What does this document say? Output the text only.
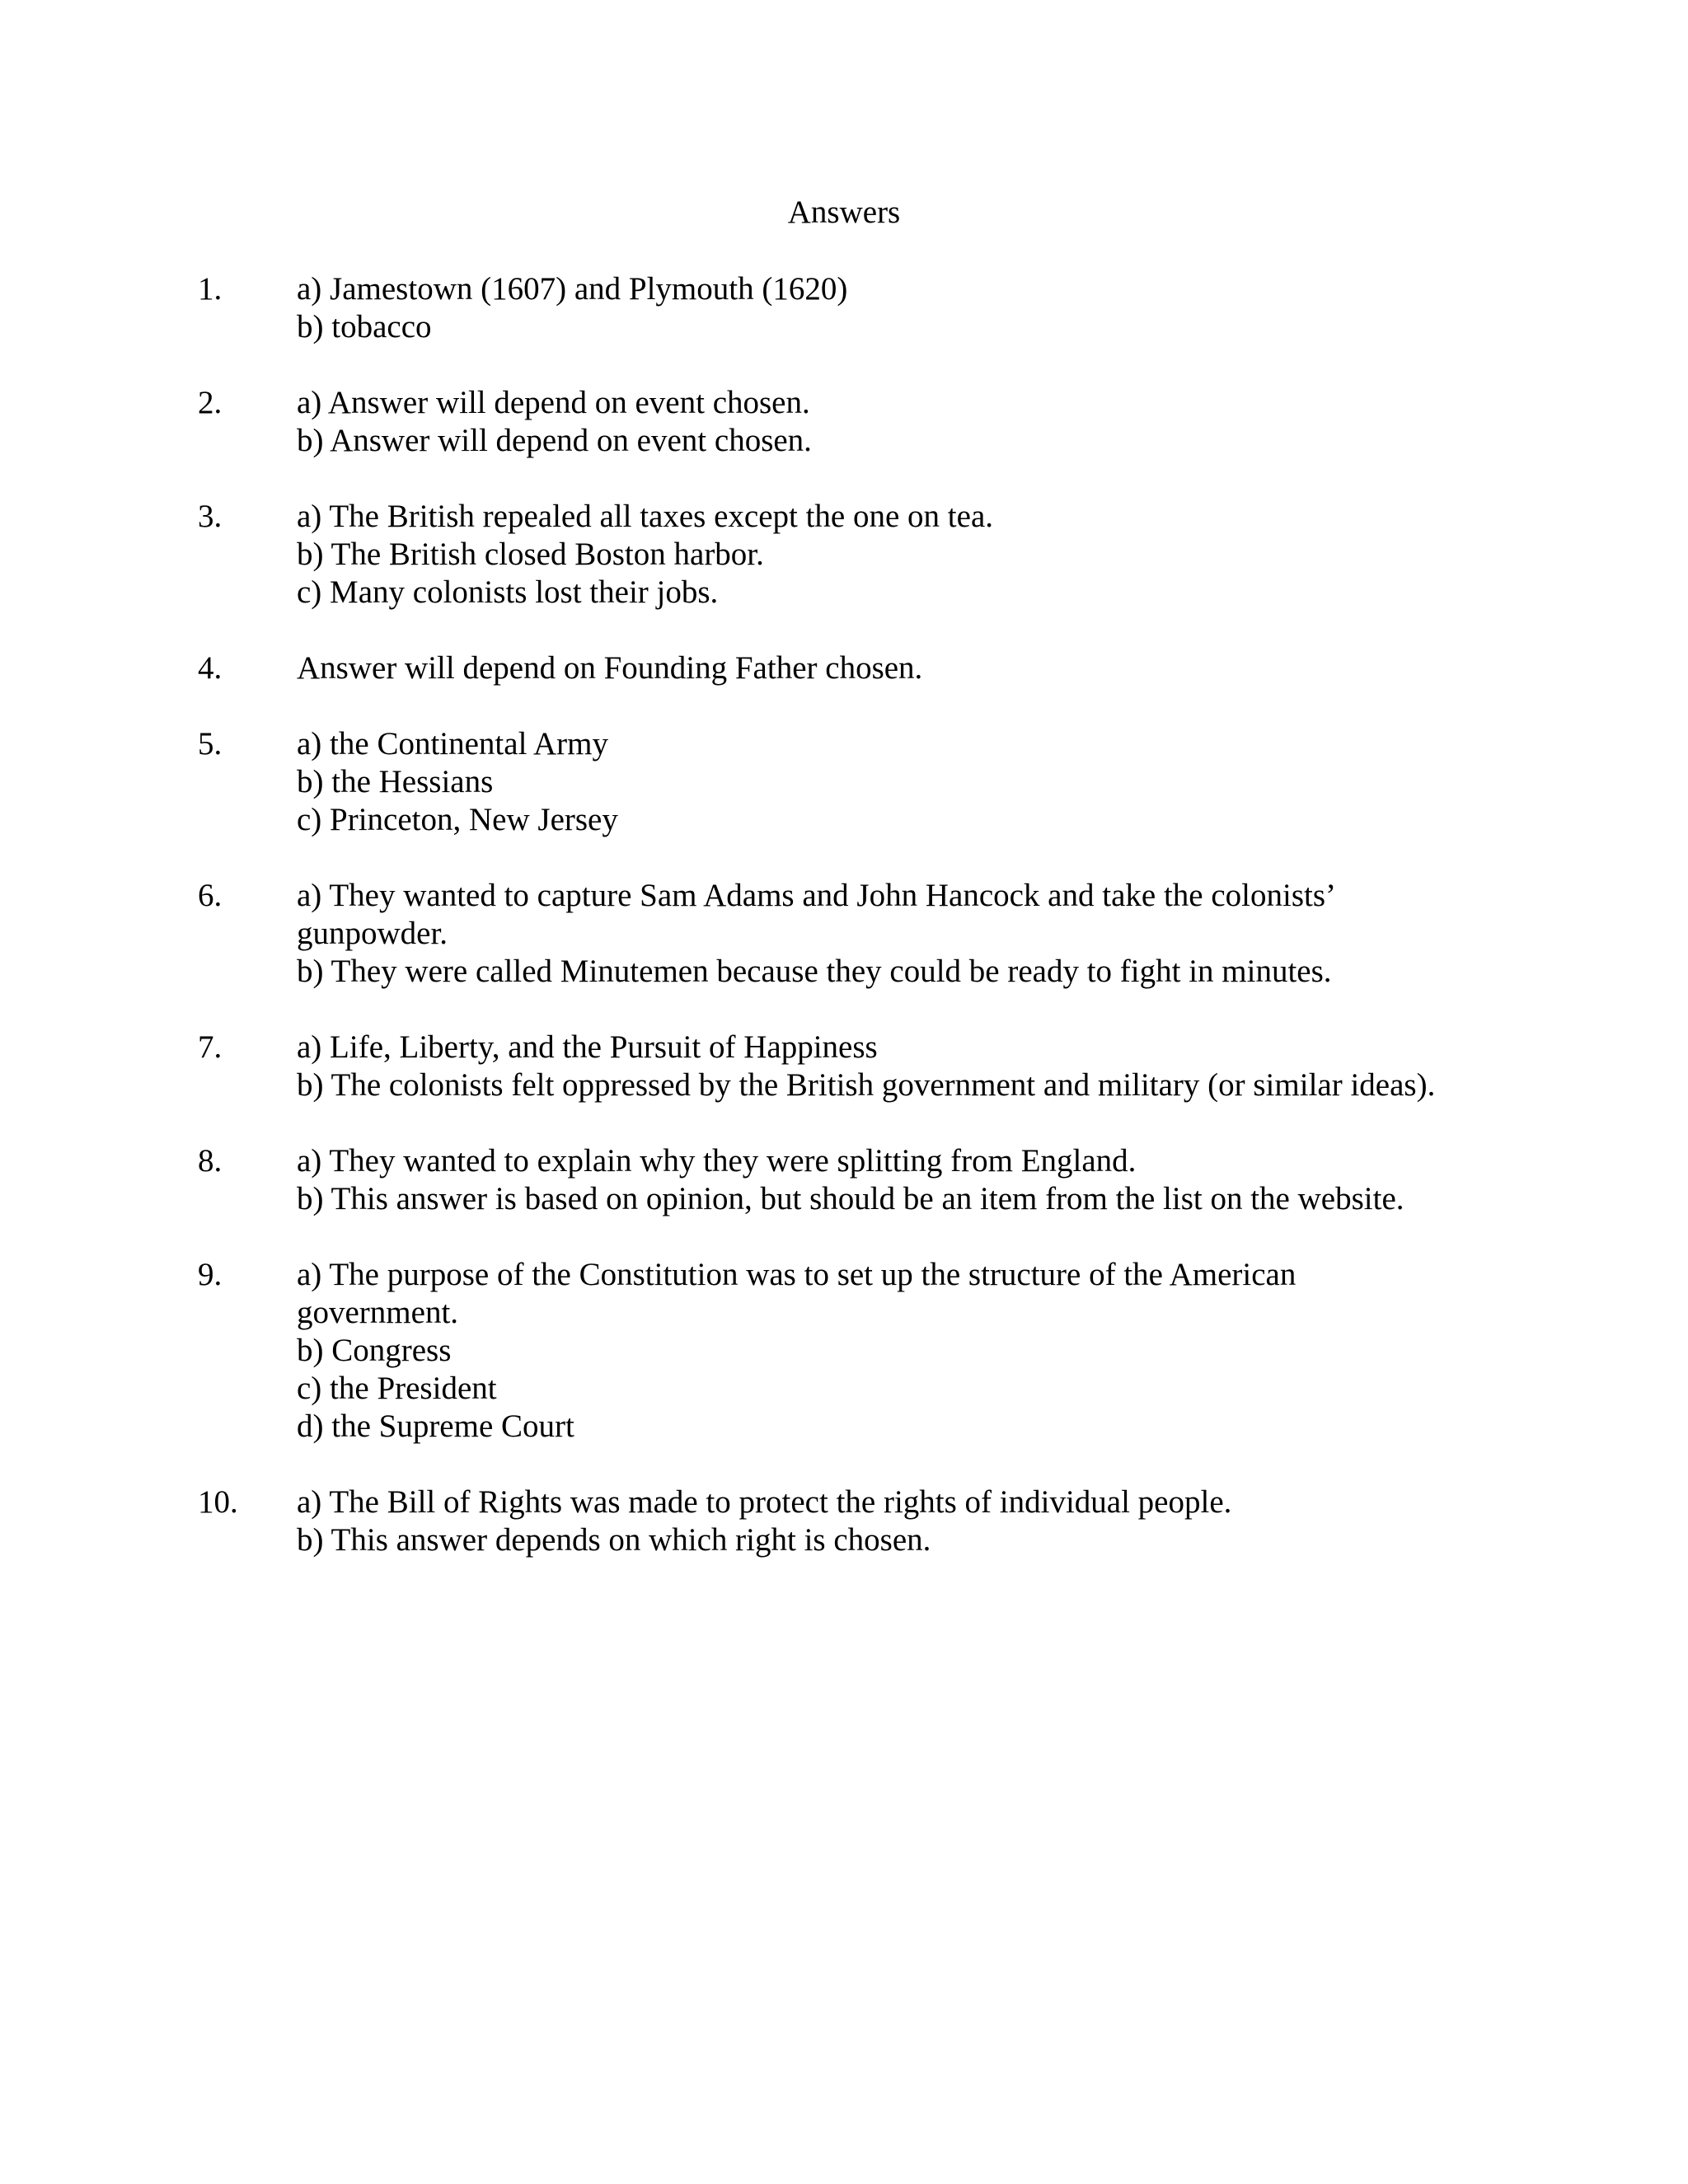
Answers
1.	a) Jamestown (1607) and Plymouth (1620)
b) tobacco
2.	a) Answer will depend on event chosen.
b) Answer will depend on event chosen.
3.	a) The British repealed all taxes except the one on tea.
b) The British closed Boston harbor.
c) Many colonists lost their jobs.
4.	Answer will depend on Founding Father chosen.
5.	a) the Continental Army
b) the Hessians
c) Princeton, New Jersey
6.	a) They wanted to capture Sam Adams and John Hancock and take the colonists’
gunpowder.
b) They were called Minutemen because they could be ready to fight in minutes.
7.	a) Life, Liberty, and the Pursuit of Happiness
b) The colonists felt oppressed by the British government and military (or similar ideas).
8.	a) They wanted to explain why they were splitting from England.
b) This answer is based on opinion, but should be an item from the list on the website.
9.	a) The purpose of the Constitution was to set up the structure of the American
government.
b) Congress
c) the President
d) the Supreme Court
10.	a) The Bill of Rights was made to protect the rights of individual people.
b) This answer depends on which right is chosen.
